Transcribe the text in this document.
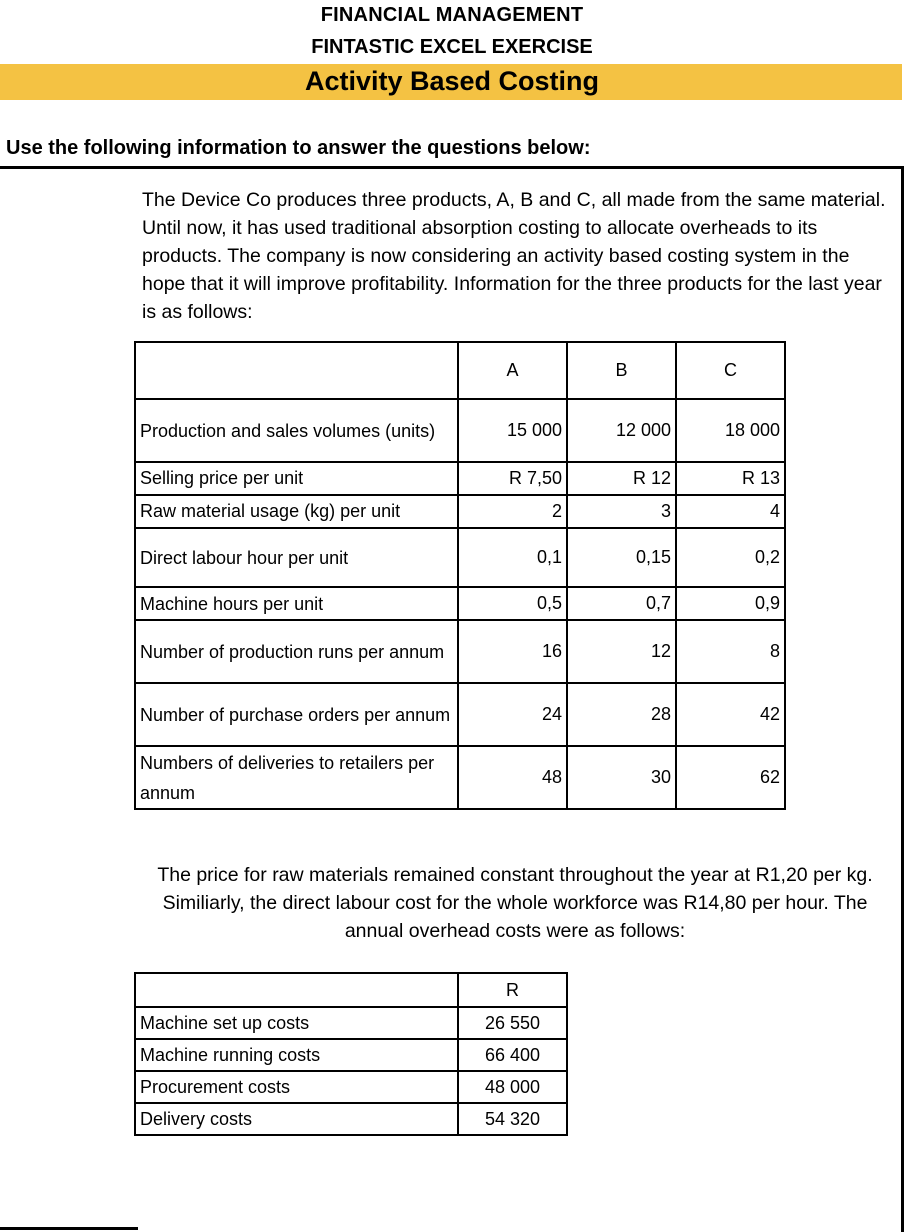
FINANCIAL MANAGEMENT
FINTASTIC EXCEL EXERCISE
Activity Based Costing
Use the following information to answer the questions below:
The Device Co produces three products, A, B and C, all made from the same material. Until now, it has used traditional absorption costing to allocate overheads to its products. The company is now considering an activity based costing system in the hope that it will improve profitability. Information for the three products for the last year is as follows:
	A	B	C
Production and sales volumes (units)	15 000	12 000	18 000
Selling price per unit	R 7,50	R 12	R 13
Raw material usage (kg) per unit	2	3	4
Direct labour hour per unit	0,1	0,15	0,2
Machine hours per unit	0,5	0,7	0,9
Number of production runs per annum	16	12	8
Number of purchase orders per annum	24	28	42
Numbers of deliveries to retailers per annum	48	30	62
The price for raw materials remained constant throughout the year at R1,20 per kg. Similiarly, the direct labour cost for the whole workforce was R14,80 per hour. The annual overhead costs were as follows:
	R
Machine set up costs	26 550
Machine running costs	66 400
Procurement costs	48 000
Delivery costs	54 320
